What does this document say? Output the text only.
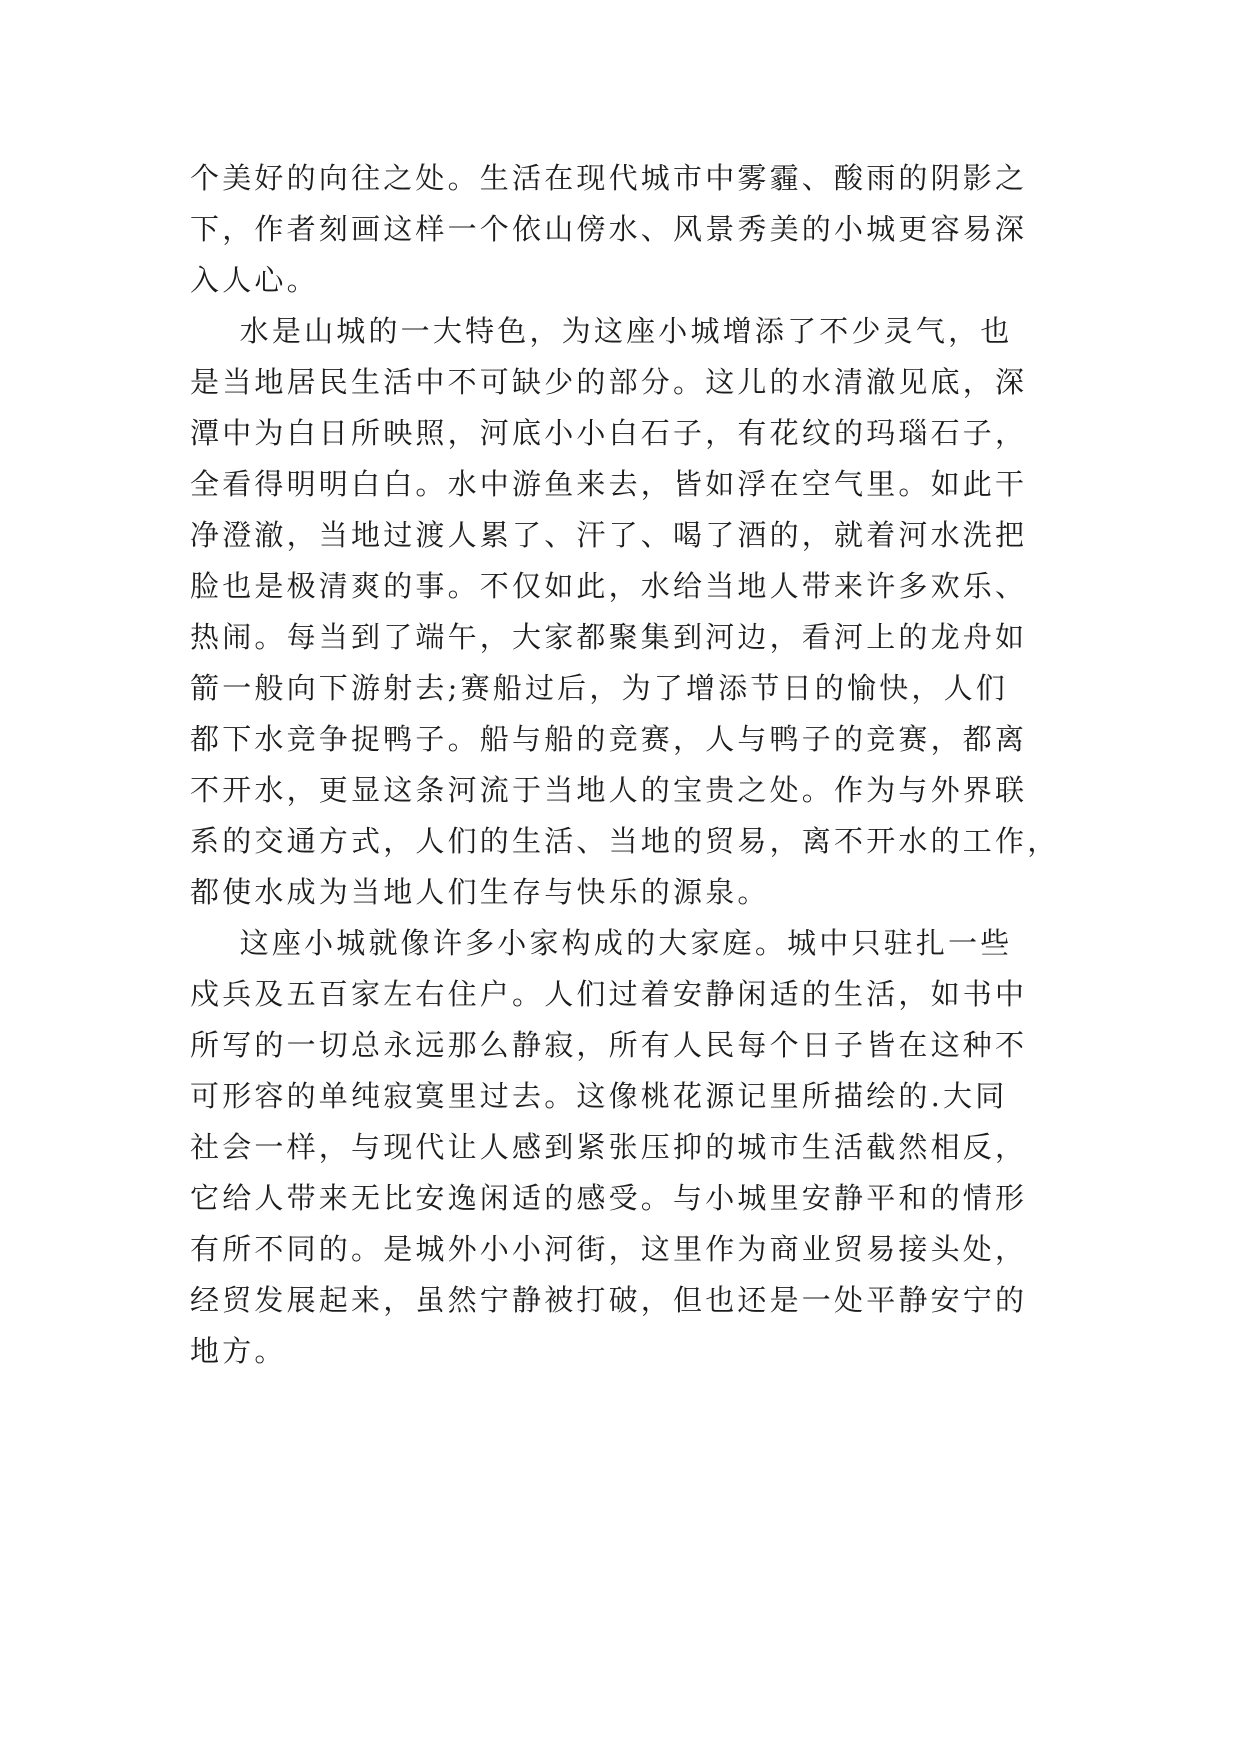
个美好的向往之处。生活在现代城市中雾霾、酸雨的阴影之
下，作者刻画这样一个依山傍水、风景秀美的小城更容易深
入人心。
水是山城的一大特色，为这座小城增添了不少灵气，也
是当地居民生活中不可缺少的部分。这儿的水清澈见底，深
潭中为白日所映照，河底小小白石子，有花纹的玛瑙石子，
全看得明明白白。水中游鱼来去，皆如浮在空气里。如此干
净澄澈，当地过渡人累了、汗了、喝了酒的，就着河水洗把
脸也是极清爽的事。不仅如此，水给当地人带来许多欢乐、
热闹。每当到了端午，大家都聚集到河边，看河上的龙舟如
箭一般向下游射去;赛船过后，为了增添节日的愉快，人们
都下水竞争捉鸭子。船与船的竞赛，人与鸭子的竞赛，都离
不开水，更显这条河流于当地人的宝贵之处。作为与外界联
系的交通方式，人们的生活、当地的贸易，离不开水的工作，
都使水成为当地人们生存与快乐的源泉。
这座小城就像许多小家构成的大家庭。城中只驻扎一些
戍兵及五百家左右住户。人们过着安静闲适的生活，如书中
所写的一切总永远那么静寂，所有人民每个日子皆在这种不
可形容的单纯寂寞里过去。这像桃花源记里所描绘的.大同
社会一样，与现代让人感到紧张压抑的城市生活截然相反，
它给人带来无比安逸闲适的感受。与小城里安静平和的情形
有所不同的。是城外小小河街，这里作为商业贸易接头处，
经贸发展起来，虽然宁静被打破，但也还是一处平静安宁的
地方。
